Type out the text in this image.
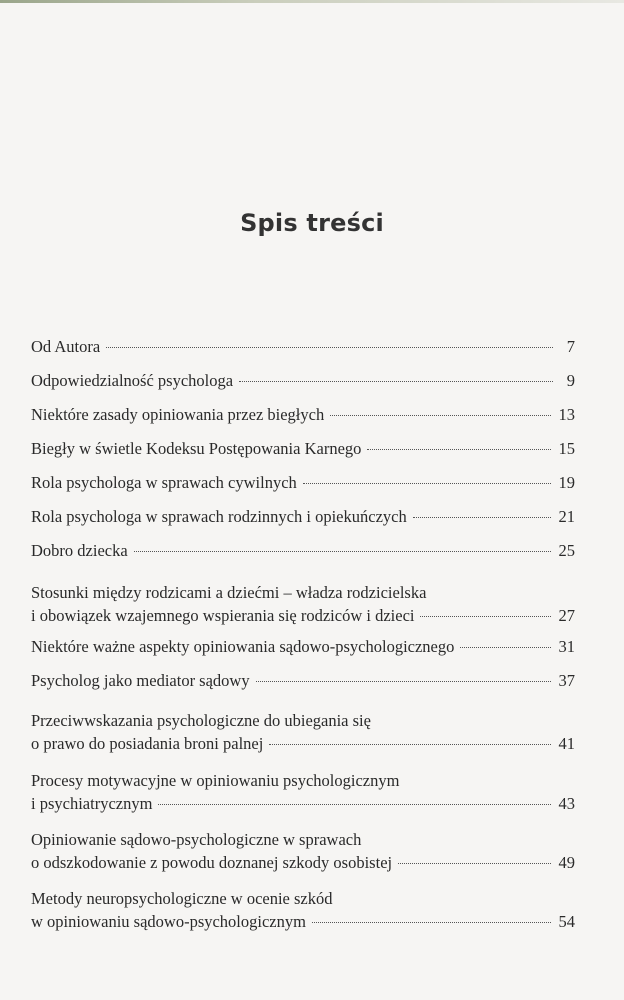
Spis treści
Od Autora	7
Odpowiedzialność psychologa	9
Niektóre zasady opiniowania przez biegłych	13
Biegły w świetle Kodeksu Postępowania Karnego	15
Rola psychologa w sprawach cywilnych	19
Rola psychologa w sprawach rodzinnych i opiekuńczych	21
Dobro dziecka	25
Stosunki między rodzicami a dziećmi – władza rodzicielska
i obowiązek wzajemnego wspierania się rodziców i dzieci	27
Niektóre ważne aspekty opiniowania sądowo-psychologicznego	31
Psycholog jako mediator sądowy	37
Przeciwwskazania psychologiczne do ubiegania się
o prawo do posiadania broni palnej	41
Procesy motywacyjne w opiniowaniu psychologicznym
i psychiatrycznym	43
Opiniowanie sądowo-psychologiczne w sprawach
o odszkodowanie z powodu doznanej szkody osobistej	49
Metody neuropsychologiczne w ocenie szkód
w opiniowaniu sądowo-psychologicznym	54
